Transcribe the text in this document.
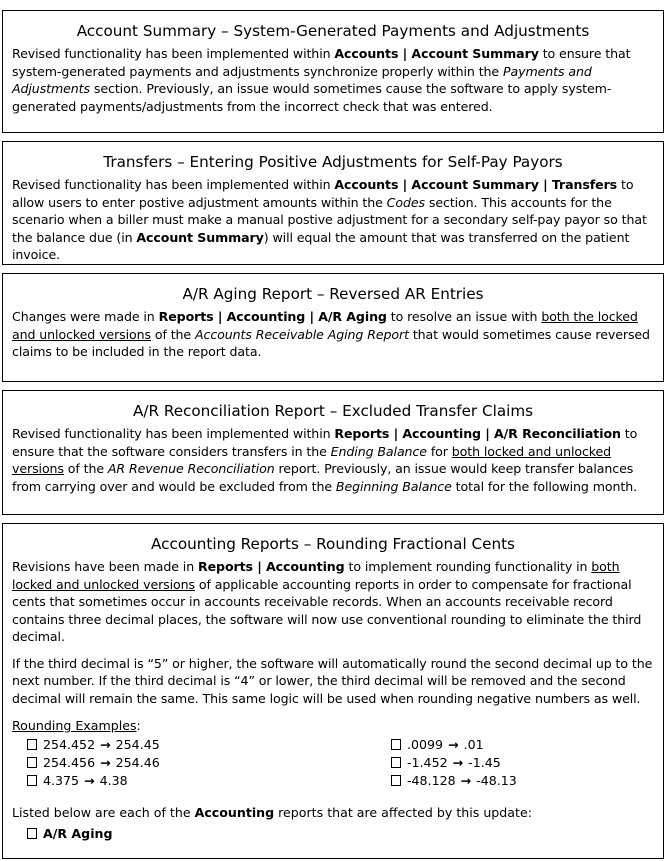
Account Summary – System-Generated Payments and Adjustments

Revised functionality has been implemented within Accounts | Account Summary to ensure that system-generated payments and adjustments synchronize properly within the Payments and Adjustments section. Previously, an issue would sometimes cause the software to apply system-generated payments/adjustments from the incorrect check that was entered.

Transfers – Entering Positive Adjustments for Self-Pay Payors

Revised functionality has been implemented within Accounts | Account Summary | Transfers to allow users to enter postive adjustment amounts within the Codes section. This accounts for the scenario when a biller must make a manual postive adjustment for a secondary self-pay payor so that the balance due (in Account Summary) will equal the amount that was transferred on the patient invoice.

A/R Aging Report – Reversed AR Entries

Changes were made in Reports | Accounting | A/R Aging to resolve an issue with both the locked and unlocked versions of the Accounts Receivable Aging Report that would sometimes cause reversed claims to be included in the report data.

A/R Reconciliation Report – Excluded Transfer Claims

Revised functionality has been implemented within Reports | Accounting | A/R Reconciliation to ensure that the software considers transfers in the Ending Balance for both locked and unlocked versions of the AR Revenue Reconciliation report. Previously, an issue would keep transfer balances from carrying over and would be excluded from the Beginning Balance total for the following month.

Accounting Reports – Rounding Fractional Cents

Revisions have been made in Reports | Accounting to implement rounding functionality in both locked and unlocked versions of applicable accounting reports in order to compensate for fractional cents that sometimes occur in accounts receivable records. When an accounts receivable record contains three decimal places, the software will now use conventional rounding to eliminate the third decimal.

If the third decimal is “5” or higher, the software will automatically round the second decimal up to the next number. If the third decimal is “4” or lower, the third decimal will be removed and the second decimal will remain the same. This same logic will be used when rounding negative numbers as well.

Rounding Examples:
254.452 → 254.45
254.456 → 254.46
4.375 → 4.38
.0099 → .01
-1.452 → -1.45
-48.128 → -48.13
Listed below are each of the Accounting reports that are affected by this update:
A/R Aging
